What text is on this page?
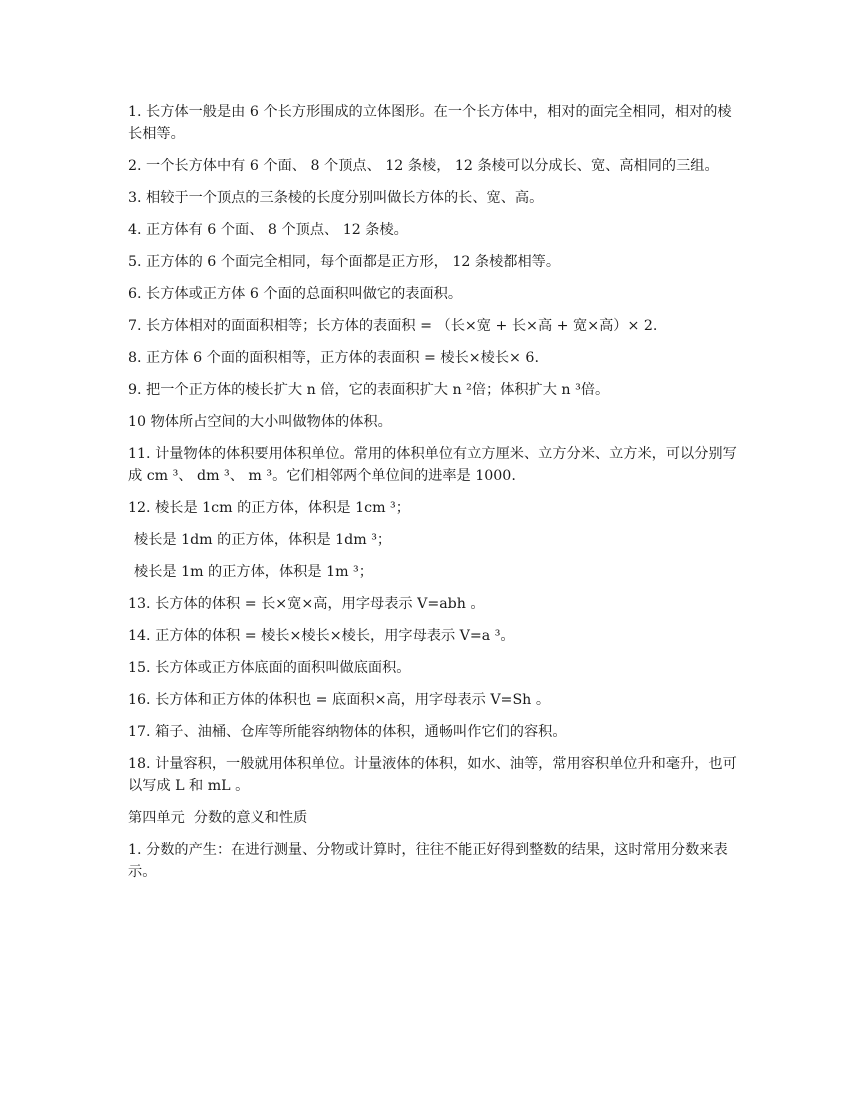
1. 长方体一般是由 6 个长方形围成的立体图形。在一个长方体中，相对的面完全相同，相对的棱长相等。

2. 一个长方体中有 6 个面、 8 个顶点、 12 条棱， 12 条棱可以分成长、宽、高相同的三组。

3. 相较于一个顶点的三条棱的长度分别叫做长方体的长、宽、高。

4. 正方体有 6 个面、 8 个顶点、 12 条棱。

5. 正方体的 6 个面完全相同，每个面都是正方形， 12 条棱都相等。

6. 长方体或正方体 6 个面的总面积叫做它的表面积。

7. 长方体相对的面面积相等；长方体的表面积 = （长×宽 + 长×高 + 宽×高）× 2.

8. 正方体 6 个面的面积相等，正方体的表面积 = 棱长×棱长× 6.

9. 把一个正方体的棱长扩大 n 倍，它的表面积扩大 n ²倍；体积扩大 n ³倍。

10 物体所占空间的大小叫做物体的体积。

11. 计量物体的体积要用体积单位。常用的体积单位有立方厘米、立方分米、立方米，可以分别写成 cm ³、 dm ³、 m ³。它们相邻两个单位间的进率是 1000.

12. 棱长是 1cm 的正方体，体积是 1cm ³；

棱长是 1dm 的正方体，体积是 1dm ³；

棱长是 1m 的正方体，体积是 1m ³；

13. 长方体的体积 = 长×宽×高，用字母表示 V=abh 。

14. 正方体的体积 = 棱长×棱长×棱长，用字母表示 V=a ³。

15. 长方体或正方体底面的面积叫做底面积。

16. 长方体和正方体的体积也 = 底面积×高，用字母表示 V=Sh 。

17. 箱子、油桶、仓库等所能容纳物体的体积，通畅叫作它们的容积。

18. 计量容积，一般就用体积单位。计量液体的体积，如水、油等，常用容积单位升和毫升，也可以写成 L 和 mL 。

第四单元  分数的意义和性质

1. 分数的产生：在进行测量、分物或计算时，往往不能正好得到整数的结果，这时常用分数来表示。
